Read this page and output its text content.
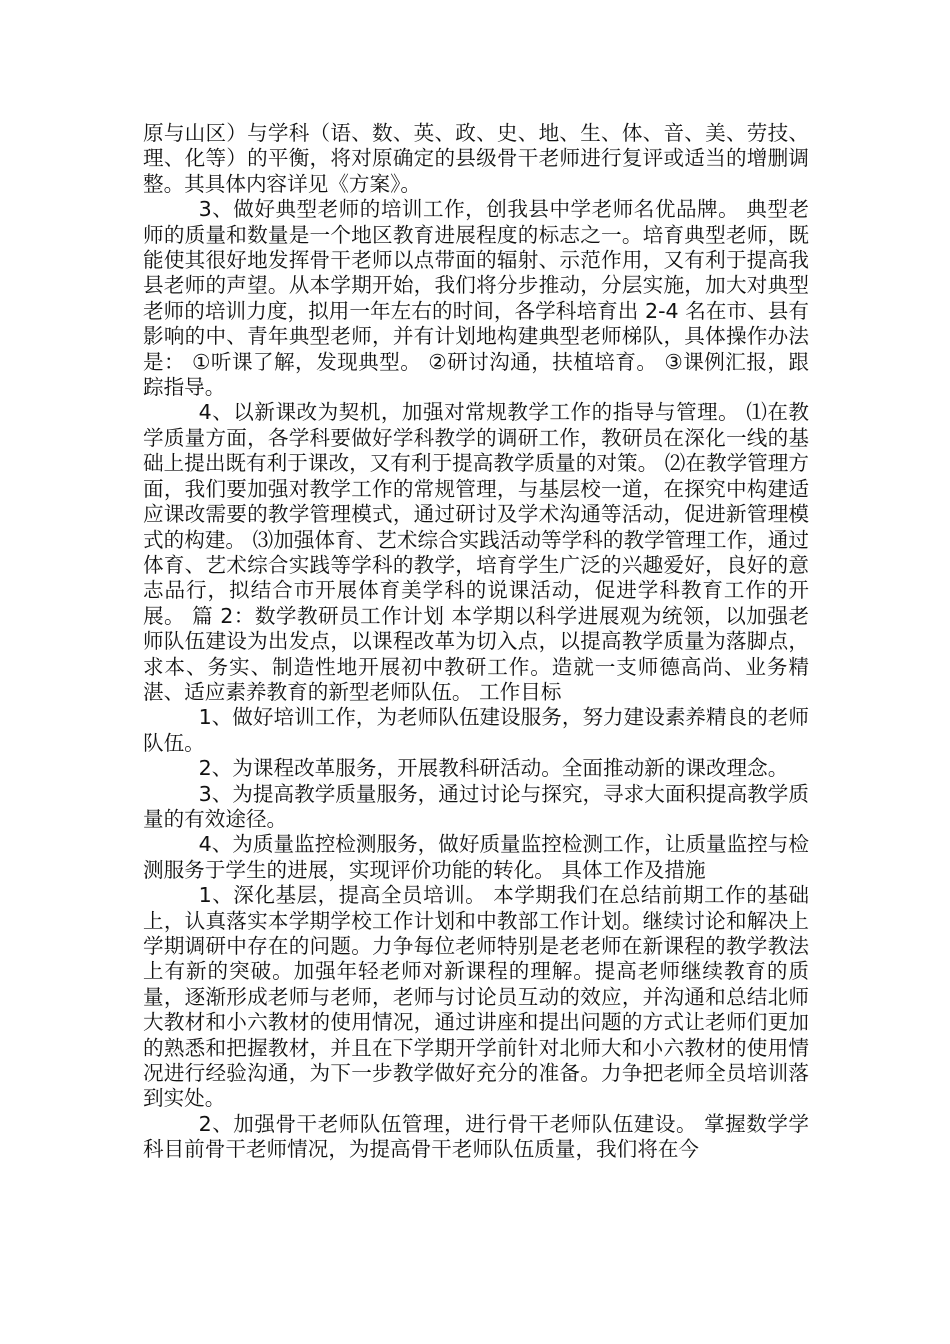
原与山区）与学科（语、数、英、政、史、地、生、体、音、美、劳技、理、化等）的平衡，将对原确定的县级骨干老师进行复评或适当的增删调整。其具体内容详见《方案》。

3、做好典型老师的培训工作，创我县中学老师名优品牌。 典型老师的质量和数量是一个地区教育进展程度的标志之一。培育典型老师，既能使其很好地发挥骨干老师以点带面的辐射、示范作用，又有利于提高我县老师的声望。从本学期开始，我们将分步推动，分层实施，加大对典型老师的培训力度，拟用一年左右的时间，各学科培育出 2-4 名在市、县有影响的中、青年典型老师，并有计划地构建典型老师梯队，具体操作办法是： ①听课了解，发现典型。 ②研讨沟通，扶植培育。 ③课例汇报，跟踪指导。

4、以新课改为契机，加强对常规教学工作的指导与管理。 ⑴在教学质量方面，各学科要做好学科教学的调研工作，教研员在深化一线的基础上提出既有利于课改，又有利于提高教学质量的对策。 ⑵在教学管理方面，我们要加强对教学工作的常规管理，与基层校一道，在探究中构建适应课改需要的教学管理模式，通过研讨及学术沟通等活动，促进新管理模式的构建。 ⑶加强体育、艺术综合实践活动等学科的教学管理工作，通过体育、艺术综合实践等学科的教学，培育学生广泛的兴趣爱好，良好的意志品行，拟结合市开展体育美学科的说课活动，促进学科教育工作的开展。 篇 2：数学教研员工作计划 本学期以科学进展观为统领，以加强老师队伍建设为出发点，以课程改革为切入点，以提高教学质量为落脚点，求本、务实、制造性地开展初中教研工作。造就一支师德高尚、业务精湛、适应素养教育的新型老师队伍。 工作目标

1、做好培训工作，为老师队伍建设服务，努力建设素养精良的老师队伍。

2、为课程改革服务，开展教科研活动。全面推动新的课改理念。

3、为提高教学质量服务，通过讨论与探究，寻求大面积提高教学质量的有效途径。

4、为质量监控检测服务，做好质量监控检测工作，让质量监控与检测服务于学生的进展，实现评价功能的转化。 具体工作及措施

1、深化基层，提高全员培训。 本学期我们在总结前期工作的基础上，认真落实本学期学校工作计划和中教部工作计划。继续讨论和解决上学期调研中存在的问题。力争每位老师特别是老老师在新课程的教学教法上有新的突破。加强年轻老师对新课程的理解。提高老师继续教育的质量，逐渐形成老师与老师，老师与讨论员互动的效应，并沟通和总结北师大教材和小六教材的使用情况，通过讲座和提出问题的方式让老师们更加的熟悉和把握教材，并且在下学期开学前针对北师大和小六教材的使用情况进行经验沟通，为下一步教学做好充分的准备。力争把老师全员培训落到实处。

2、加强骨干老师队伍管理，进行骨干老师队伍建设。 掌握数学学科目前骨干老师情况，为提高骨干老师队伍质量，我们将在今
